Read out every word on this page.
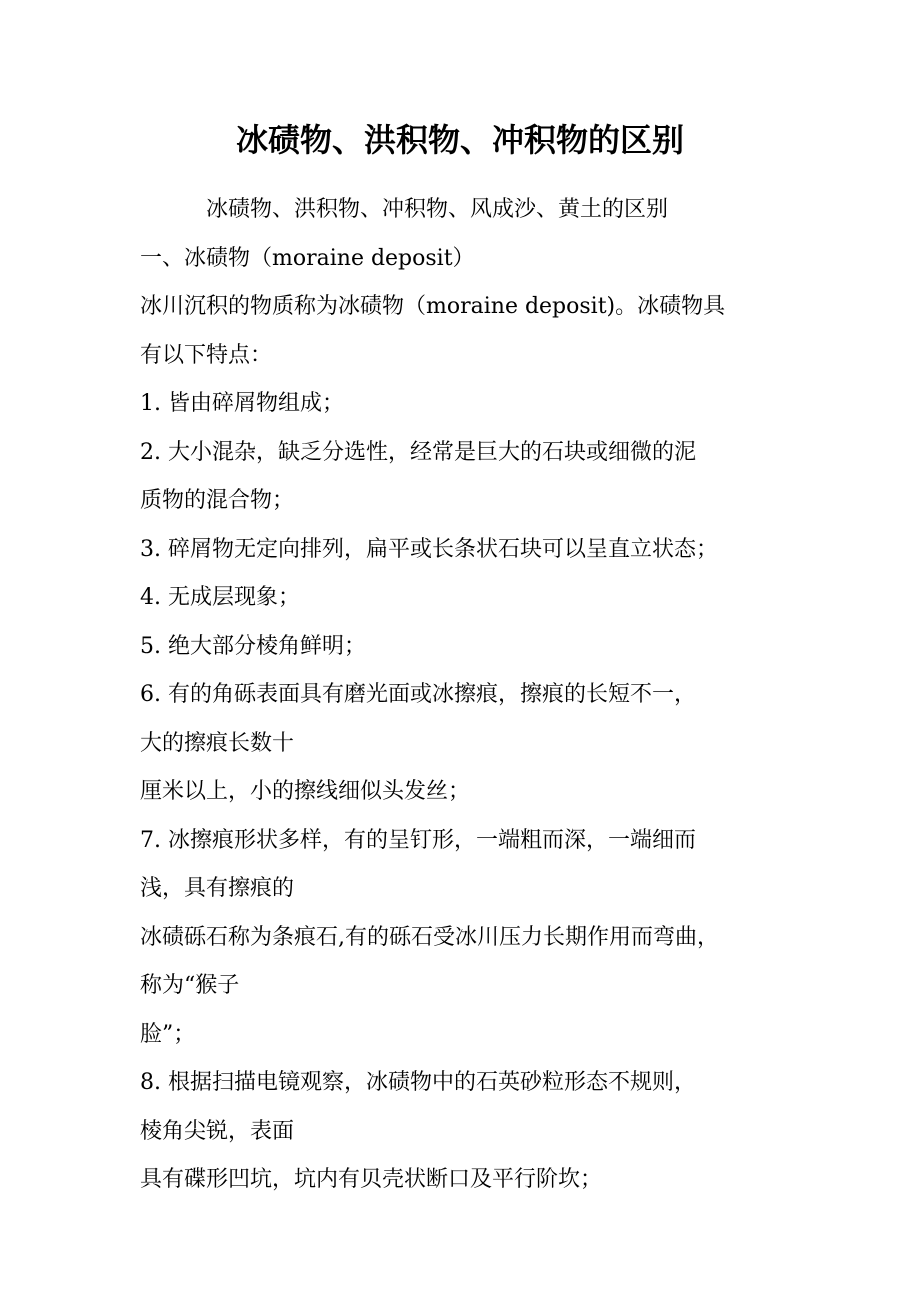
冰碛物、洪积物、冲积物的区别

冰碛物、洪积物、冲积物、风成沙、黄土的区别

一、冰碛物（moraine deposit）

冰川沉积的物质称为冰碛物（moraine deposit)。冰碛物具

有以下特点：

1. 皆由碎屑物组成；

2. 大小混杂，缺乏分选性，经常是巨大的石块或细微的泥

质物的混合物；

3. 碎屑物无定向排列，扁平或长条状石块可以呈直立状态；

4. 无成层现象；

5. 绝大部分棱角鲜明；

6. 有的角砾表面具有磨光面或冰擦痕，擦痕的长短不一，

大的擦痕长数十

厘米以上，小的擦线细似头发丝；

7. 冰擦痕形状多样，有的呈钉形，一端粗而深，一端细而

浅，具有擦痕的

冰碛砾石称为条痕石,有的砾石受冰川压力长期作用而弯曲，

称为“猴子

脸”；

8. 根据扫描电镜观察，冰碛物中的石英砂粒形态不规则，

棱角尖锐，表面

具有碟形凹坑，坑内有贝壳状断口及平行阶坎；
